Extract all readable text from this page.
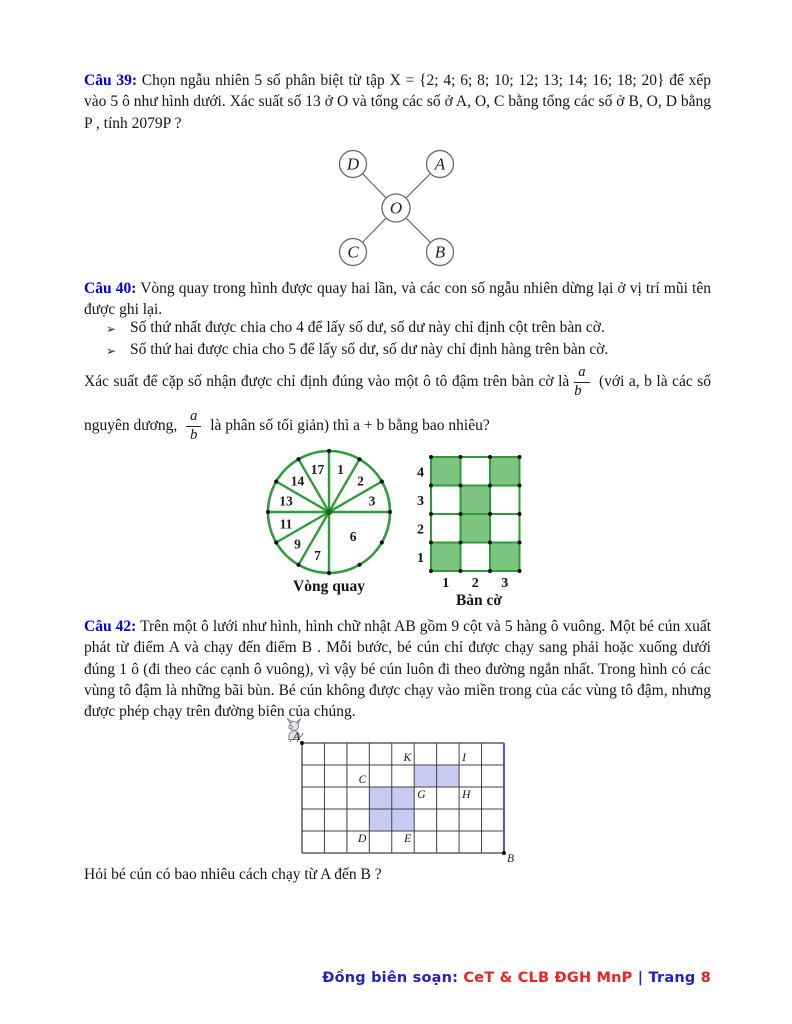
Câu 39: Chọn ngẫu nhiên 5 số phân biệt từ tập X = {2; 4; 6; 8; 10; 12; 13; 14; 16; 18; 20} để xếp vào 5 ô như hình dưới. Xác suất số 13 ở O và tổng các số ở A, O, C bằng tổng các số ở B, O, D bằng P , tính 2079P ?
D	A
O
C	B
Câu 40: Vòng quay trong hình được quay hai lần, và các con số ngẫu nhiên dừng lại ở vị trí mũi tên được ghi lại.
➢ Số thứ nhất được chia cho 4 để lấy số dư, số dư này chỉ định cột trên bàn cờ.
➢ Số thứ hai được chia cho 5 để lấy số dư, số dư này chỉ định hàng trên bàn cờ.
Xác suất để cặp số nhận được chỉ định đúng vào một ô tô đậm trên bàn cờ là $\frac{a}{b}$ (với a, b là các số
nguyên dương, $\frac{a}{b}$ là phân số tối giản) thì a + b bằng bao nhiêu?
1
2
3
6
7
9
11
13
14
17
Vòng quay
4
3
2
1
1 2 3
Bàn cờ
Câu 42: Trên một ô lưới như hình, hình chữ nhật AB gồm 9 cột và 5 hàng ô vuông. Một bé cún xuất phát từ điểm A và chạy đến điểm B . Mỗi bước, bé cún chỉ được chạy sang phải hoặc xuống dưới đúng 1 ô (đi theo các cạnh ô vuông), vì vậy bé cún luôn đi theo đường ngắn nhất. Trong hình có các vùng tô đậm là những bãi bùn. Bé cún không được chạy vào miền trong của các vùng tô đậm, nhưng được phép chạy trên đường biên của chúng.
K	I
C
G	H
D	E
A
B
Hỏi bé cún có bao nhiêu cách chạy từ A đến B ?
Đồng biên soạn: CeT & CLB ĐGH MnP | Trang 8
